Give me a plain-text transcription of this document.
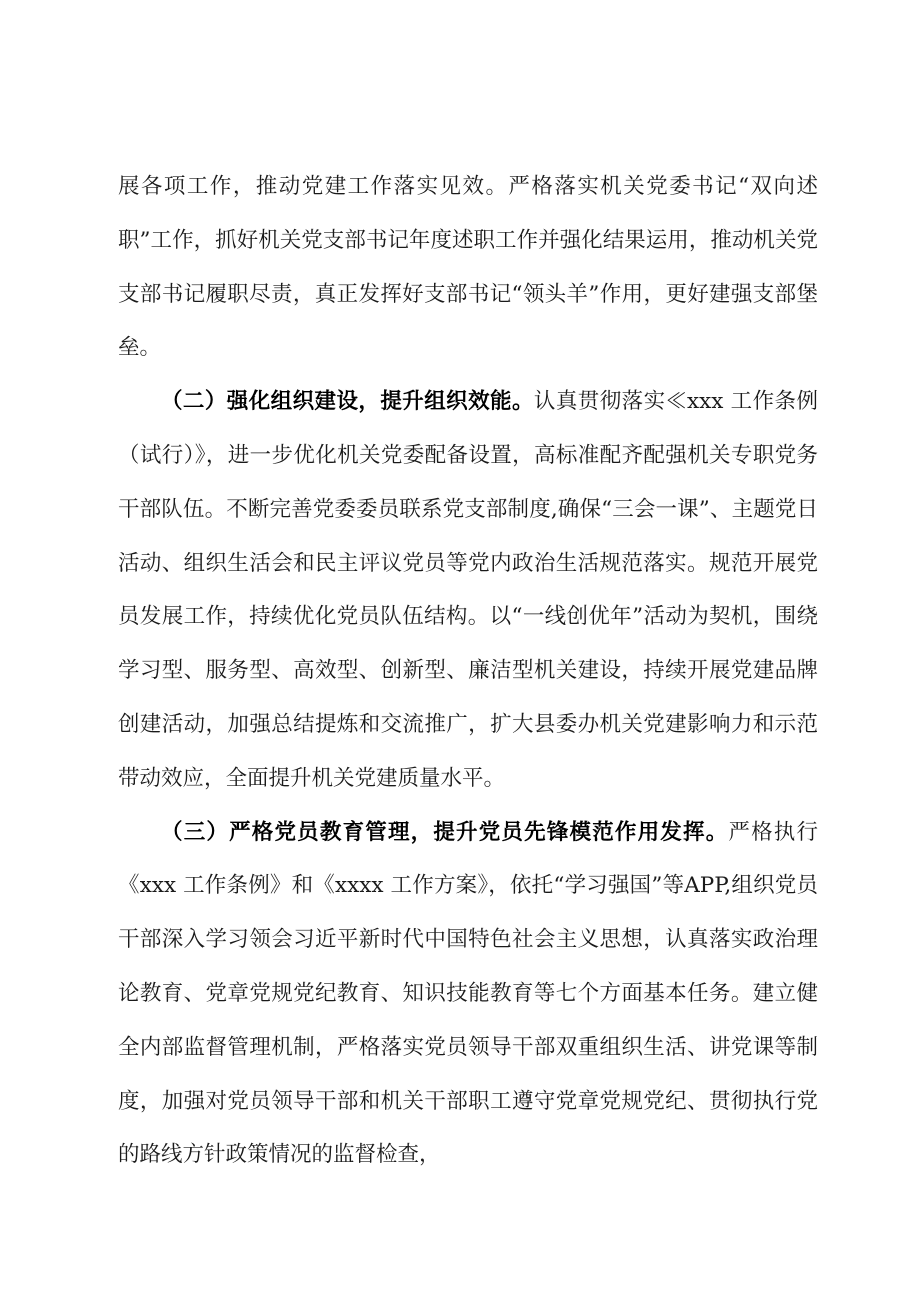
展各项工作，推动党建工作落实见效。严格落实机关党委书记“双向述职”工作，抓好机关党支部书记年度述职工作并强化结果运用，推动机关党支部书记履职尽责，真正发挥好支部书记“领头羊”作用，更好建强支部堡垒。

（二）强化组织建设，提升组织效能。认真贯彻落实≪xxx 工作条例（试行）》，进一步优化机关党委配备设置，高标准配齐配强机关专职党务干部队伍。不断完善党委委员联系党支部制度,确保“三会一课”、主题党日活动、组织生活会和民主评议党员等党内政治生活规范落实。规范开展党员发展工作，持续优化党员队伍结构。以“一线创优年”活动为契机，围绕学习型、服务型、高效型、创新型、廉洁型机关建设，持续开展党建品牌创建活动，加强总结提炼和交流推广，扩大县委办机关党建影响力和示范带动效应，全面提升机关党建质量水平。

（三）严格党员教育管理，提升党员先锋模范作用发挥。严格执行《xxx 工作条例》和《xxxx 工作方案》，依托“学习强国”等APP,组织党员干部深入学习领会习近平新时代中国特色社会主义思想，认真落实政治理论教育、党章党规党纪教育、知识技能教育等七个方面基本任务。建立健全内部监督管理机制，严格落实党员领导干部双重组织生活、讲党课等制度，加强对党员领导干部和机关干部职工遵守党章党规党纪、贯彻执行党的路线方针政策情况的监督检查，
